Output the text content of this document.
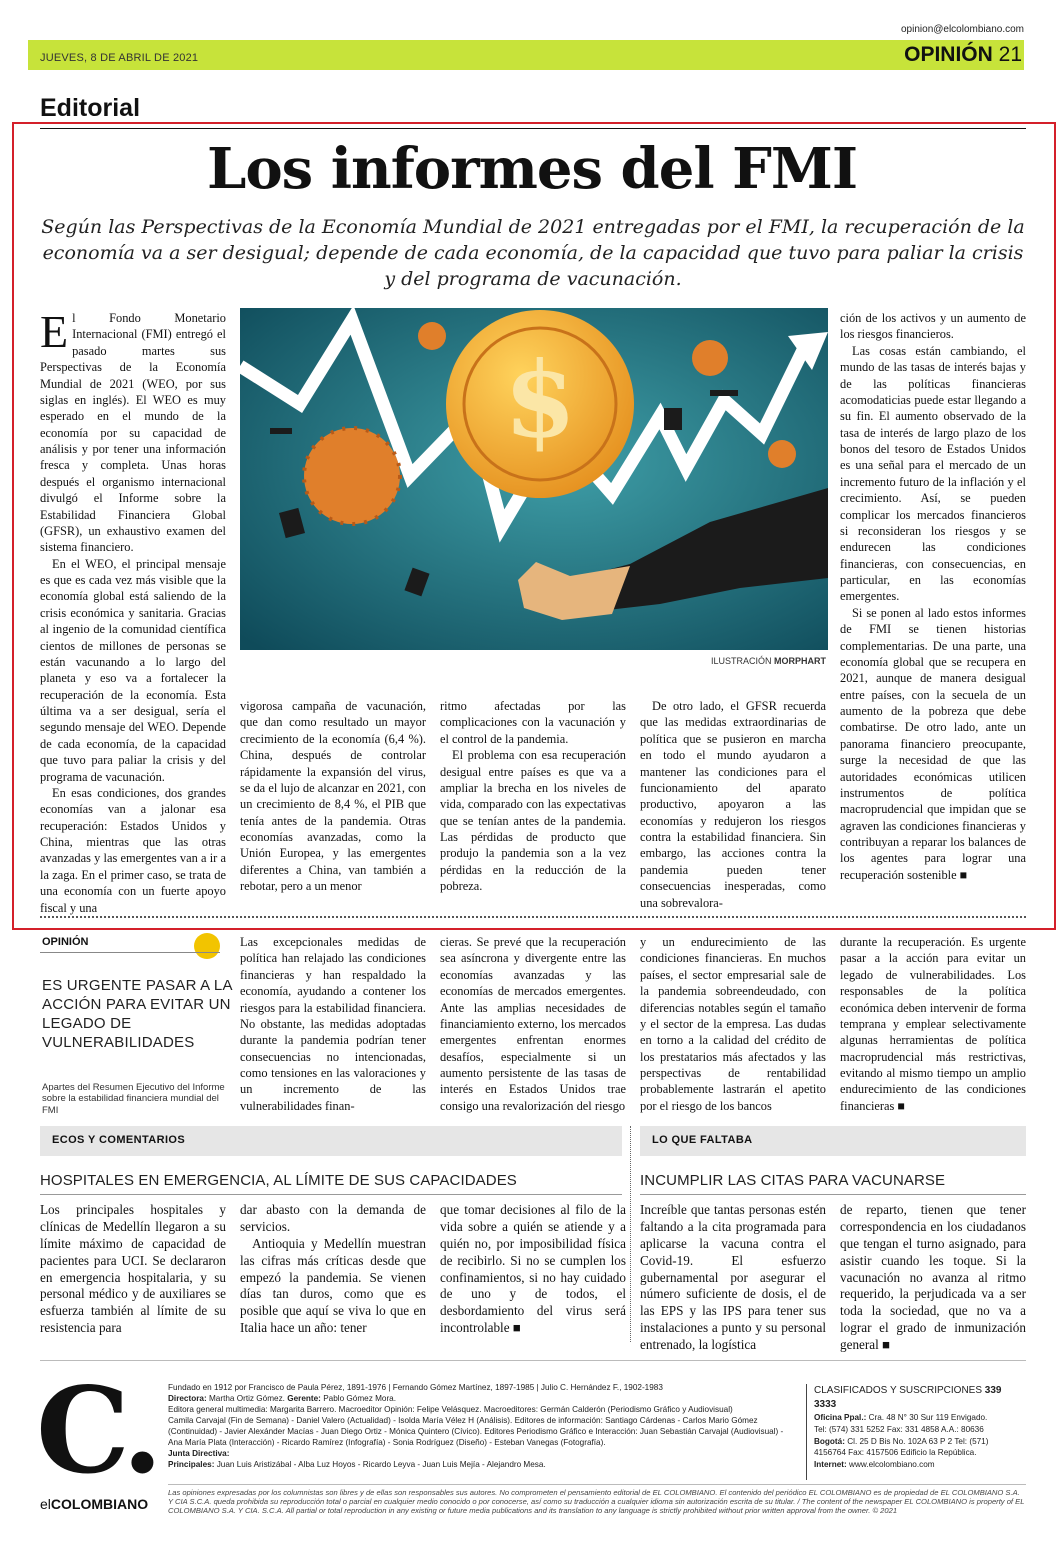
opinion@elcolombiano.com
JUEVES, 8 DE ABRIL DE 2021	OPINIÓN 21
Editorial
Los informes del FMI
Según las Perspectivas de la Economía Mundial de 2021 entregadas por el FMI, la recuperación de la economía va a ser desigual; depende de cada economía, de la capacidad que tuvo para paliar la crisis y del programa de vacunación.

El Fondo Monetario Internacional (FMI) entregó el pasado martes sus Perspectivas de la Economía Mundial de 2021 (WEO, por sus siglas en inglés). El WEO es muy esperado en el mundo de la economía por su capacidad de análisis y por tener una información fresca y completa. Unas horas después el organismo internacional divulgó el Informe sobre la Estabilidad Financiera Global (GFSR), un exhaustivo examen del sistema financiero.

En el WEO, el principal mensaje es que es cada vez más visible que la economía global está saliendo de la crisis económica y sanitaria. Gracias al ingenio de la comunidad científica cientos de millones de personas se están vacunando a lo largo del planeta y eso va a fortalecer la recuperación de la economía. Esta última va a ser desigual, sería el segundo mensaje del WEO. Depende de cada economía, de la capacidad que tuvo para paliar la crisis y del programa de vacunación.

En esas condiciones, dos grandes economías van a jalonar esa recuperación: Estados Unidos y China, mientras que las otras avanzadas y las emergentes van a ir a la zaga. En el primer caso, se trata de una economía con un fuerte apoyo fiscal y una

$
ILUSTRACIÓN MORPHART

vigorosa campaña de vacunación, que dan como resultado un mayor crecimiento de la economía (6,4 %). China, después de controlar rápidamente la expansión del virus, se da el lujo de alcanzar en 2021, con un crecimiento de 8,4 %, el PIB que tenía antes de la pandemia. Otras economías avanzadas, como la Unión Europea, y las emergentes diferentes a China, van también a rebotar, pero a un menor

ritmo afectadas por las complicaciones con la vacunación y el control de la pandemia.

El problema con esa recuperación desigual entre países es que va a ampliar la brecha en los niveles de vida, comparado con las expectativas que se tenían antes de la pandemia. Las pérdidas de producto que produjo la pandemia son a la vez pérdidas en la reducción de la pobreza.

De otro lado, el GFSR recuerda que las medidas extraordinarias de política que se pusieron en marcha en todo el mundo ayudaron a mantener las condiciones para el funcionamiento del aparato productivo, apoyaron a las economías y redujeron los riesgos contra la estabilidad financiera. Sin embargo, las acciones contra la pandemia pueden tener consecuencias inesperadas, como una sobrevalora-

ción de los activos y un aumento de los riesgos financieros.

Las cosas están cambiando, el mundo de las tasas de interés bajas y de las políticas financieras acomodaticias puede estar llegando a su fin. El aumento observado de la tasa de interés de largo plazo de los bonos del tesoro de Estados Unidos es una señal para el mercado de un incremento futuro de la inflación y el crecimiento. Así, se pueden complicar los mercados financieros si reconsideran los riesgos y se endurecen las condiciones financieras, con consecuencias, en particular, en las economías emergentes.

Si se ponen al lado estos informes de FMI se tienen historias complementarias. De una parte, una economía global que se recupera en 2021, aunque de manera desigual entre países, con la secuela de un aumento de la pobreza que debe combatirse. De otro lado, ante un panorama financiero preocupante, surge la necesidad de que las autoridades económicas utilicen instrumentos de política macroprudencial que impidan que se agraven las condiciones financieras y contribuyan a reparar los balances de los agentes para lograr una recuperación sostenible ■

OPINIÓN
ES URGENTE PASAR A LA ACCIÓN PARA EVITAR UN LEGADO DE VULNERABILIDADES
Apartes del Resumen Ejecutivo del Informe sobre la estabilidad financiera mundial del FMI

Las excepcionales medidas de política han relajado las condiciones financieras y han respaldado la economía, ayudando a contener los riesgos para la estabilidad financiera. No obstante, las medidas adoptadas durante la pandemia podrían tener consecuencias no intencionadas, como tensiones en las valoraciones y un incremento de las vulnerabilidades finan-

cieras. Se prevé que la recuperación sea asíncrona y divergente entre las economías avanzadas y las economías de mercados emergentes. Ante las amplias necesidades de financiamiento externo, los mercados emergentes enfrentan enormes desafíos, especialmente si un aumento persistente de las tasas de interés en Estados Unidos trae consigo una revalorización del riesgo

y un endurecimiento de las condiciones financieras. En muchos países, el sector empresarial sale de la pandemia sobreendeudado, con diferencias notables según el tamaño y el sector de la empresa. Las dudas en torno a la calidad del crédito de los prestatarios más afectados y las perspectivas de rentabilidad probablemente lastrarán el apetito por el riesgo de los bancos

durante la recuperación. Es urgente pasar a la acción para evitar un legado de vulnerabilidades. Los responsables de la política económica deben intervenir de forma temprana y emplear selectivamente algunas herramientas de política macroprudencial más restrictivas, evitando al mismo tiempo un amplio endurecimiento de las condiciones financieras ■

ECOS Y COMENTARIOS
HOSPITALES EN EMERGENCIA, AL LÍMITE DE SUS CAPACIDADES

Los principales hospitales y clínicas de Medellín llegaron a su límite máximo de capacidad de pacientes para UCI. Se declararon en emergencia hospitalaria, y su personal médico y de auxiliares se esfuerza también al límite de su resistencia para

dar abasto con la demanda de servicios.

Antioquia y Medellín muestran las cifras más críticas desde que empezó la pandemia. Se vienen días tan duros, como que es posible que aquí se viva lo que en Italia hace un año: tener

que tomar decisiones al filo de la vida sobre a quién se atiende y a quién no, por imposibilidad física de recibirlo. Si no se cumplen los confinamientos, si no hay cuidado de uno y de todos, el desbordamiento del virus será incontrolable ■

LO QUE FALTABA
INCUMPLIR LAS CITAS PARA VACUNARSE

Increíble que tantas personas estén faltando a la cita programada para aplicarse la vacuna contra el Covid-19. El esfuerzo gubernamental por asegurar el número suficiente de dosis, el de las EPS y las IPS para tener sus instalaciones a punto y su personal entrenado, la logística

de reparto, tienen que tener correspondencia en los ciudadanos que tengan el turno asignado, para asistir cuando les toque. Si la vacunación no avanza al ritmo requerido, la perjudicada va a ser toda la sociedad, que no va a lograr el grado de inmunización general ■

C.
elCOLOMBIANO
Fundado en 1912 por Francisco de Paula Pérez, 1891-1976 | Fernando Gómez Martínez, 1897-1985 | Julio C. Hernández F., 1902-1983
Directora: Martha Ortiz Gómez. Gerente: Pablo Gómez Mora.
Editora general multimedia: Margarita Barrero. Macroeditor Opinión: Felipe Velásquez. Macroeditores: Germán Calderón (Periodismo Gráfico y Audiovisual)
Camila Carvajal (Fin de Semana) - Daniel Valero (Actualidad) - Isolda María Vélez H (Análisis). Editores de información: Santiago Cárdenas - Carlos Mario Gómez
(Continuidad) - Javier Alexánder Macías - Juan Diego Ortiz - Mónica Quintero (Cívico). Editores Periodismo Gráfico e Interacción: Juan Sebastián Carvajal (Audiovisual) -
Ana María Plata (Interacción) - Ricardo Ramírez (Infografía) - Sonia Rodríguez (Diseño) - Esteban Vanegas (Fotografía).
Junta Directiva:
Principales: Juan Luis Aristizábal - Alba Luz Hoyos - Ricardo Leyva - Juan Luis Mejía - Alejandro Mesa.
CLASIFICADOS Y SUSCRIPCIONES 339 3333
Oficina Ppal.: Cra. 48 N° 30 Sur 119 Envigado.
Tel: (574) 331 5252 Fax: 331 4858 A.A.: 80636
Bogotá: Cl. 25 D Bis No. 102A 63 P 2 Tel: (571)
4156764 Fax: 4157506 Edificio la República.
Internet: www.elcolombiano.com
Las opiniones expresadas por los columnistas son libres y de ellas son responsables sus autores. No comprometen el pensamiento editorial de EL COLOMBIANO. El contenido del periódico EL COLOMBIANO es de propiedad de EL COLOMBIANO S.A. Y CIA S.C.A. queda prohibida su reproducción total o parcial en cualquier medio conocido o por conocerse, así como su traducción a cualquier idioma sin autorización escrita de su titular. / The content of the newspaper EL COLOMBIANO is property of EL COLOMBIANO S.A. Y CIA. S.C.A. All partial or total reproduction in any existing or future media publications and its translation to any language is strictly prohibited without prior written approval from the owner. © 2021
